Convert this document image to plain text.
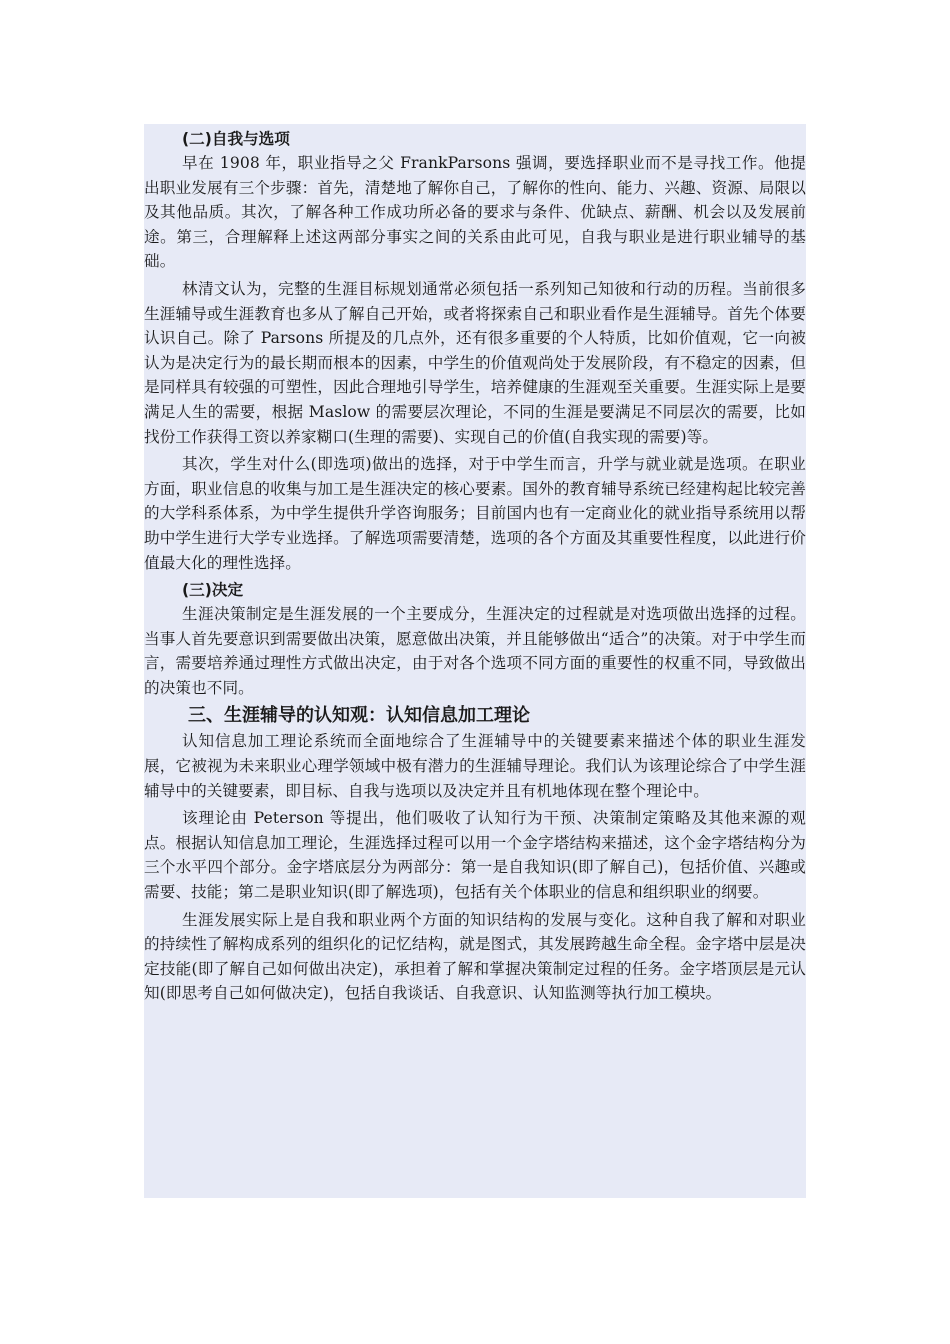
(二)自我与选项

早在 1908 年，职业指导之父 FrankParsons 强调，要选择职业而不是寻找工作。他提出职业发展有三个步骤：首先，清楚地了解你自己，了解你的性向、能力、兴趣、资源、局限以及其他品质。其次，了解各种工作成功所必备的要求与条件、优缺点、薪酬、机会以及发展前途。第三，合理解释上述这两部分事实之间的关系由此可见，自我与职业是进行职业辅导的基础。

林清文认为，完整的生涯目标规划通常必须包括一系列知己知彼和行动的历程。当前很多生涯辅导或生涯教育也多从了解自己开始，或者将探索自己和职业看作是生涯辅导。首先个体要认识自己。除了 Parsons 所提及的几点外，还有很多重要的个人特质，比如价值观，它一向被认为是决定行为的最长期而根本的因素，中学生的价值观尚处于发展阶段，有不稳定的因素，但是同样具有较强的可塑性，因此合理地引导学生，培养健康的生涯观至关重要。生涯实际上是要满足人生的需要，根据 Maslow 的需要层次理论，不同的生涯是要满足不同层次的需要，比如找份工作获得工资以养家糊口(生理的需要)、实现自己的价值(自我实现的需要)等。

其次，学生对什么(即选项)做出的选择，对于中学生而言，升学与就业就是选项。在职业方面，职业信息的收集与加工是生涯决定的核心要素。国外的教育辅导系统已经建构起比较完善的大学科系体系，为中学生提供升学咨询服务；目前国内也有一定商业化的就业指导系统用以帮助中学生进行大学专业选择。了解选项需要清楚，选项的各个方面及其重要性程度，以此进行价值最大化的理性选择。

(三)决定

生涯决策制定是生涯发展的一个主要成分，生涯决定的过程就是对选项做出选择的过程。当事人首先要意识到需要做出决策，愿意做出决策，并且能够做出“适合”的决策。对于中学生而言，需要培养通过理性方式做出决定，由于对各个选项不同方面的重要性的权重不同，导致做出的决策也不同。

三、生涯辅导的认知观：认知信息加工理论

认知信息加工理论系统而全面地综合了生涯辅导中的关键要素来描述个体的职业生涯发展，它被视为未来职业心理学领域中极有潜力的生涯辅导理论。我们认为该理论综合了中学生涯辅导中的关键要素，即目标、自我与选项以及决定并且有机地体现在整个理论中。

该理论由 Peterson 等提出，他们吸收了认知行为干预、决策制定策略及其他来源的观点。根据认知信息加工理论，生涯选择过程可以用一个金字塔结构来描述，这个金字塔结构分为三个水平四个部分。金字塔底层分为两部分：第一是自我知识(即了解自己)，包括价值、兴趣或需要、技能；第二是职业知识(即了解选项)，包括有关个体职业的信息和组织职业的纲要。

生涯发展实际上是自我和职业两个方面的知识结构的发展与变化。这种自我了解和对职业的持续性了解构成系列的组织化的记忆结构，就是图式，其发展跨越生命全程。金字塔中层是决定技能(即了解自己如何做出决定)，承担着了解和掌握决策制定过程的任务。金字塔顶层是元认知(即思考自己如何做决定)，包括自我谈话、自我意识、认知监测等执行加工模块。
